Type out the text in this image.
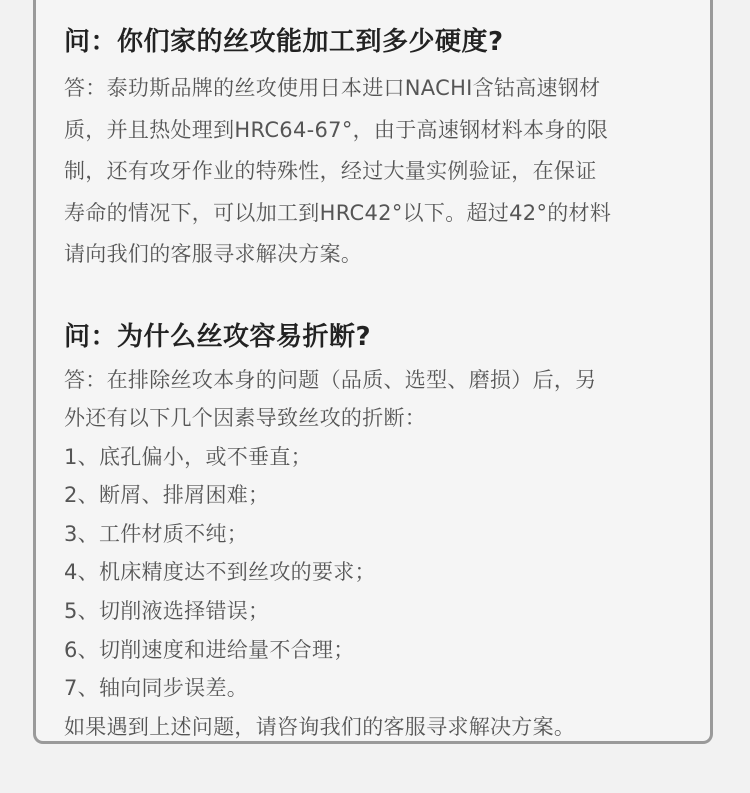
问：你们家的丝攻能加工到多少硬度?
答：泰玏斯品牌的丝攻使用日本进口NACHI含钴高速钢材
质，并且热处理到HRC64-67°，由于高速钢材料本身的限
制，还有攻牙作业的特殊性，经过大量实例验证，在保证
寿命的情况下，可以加工到HRC42°以下。超过42°的材料
请向我们的客服寻求解决方案。
问：为什么丝攻容易折断?
答：在排除丝攻本身的问题（品质、选型、磨损）后，另
外还有以下几个因素导致丝攻的折断：
1、底孔偏小，或不垂直；
2、断屑、排屑困难；
3、工件材质不纯；
4、机床精度达不到丝攻的要求；
5、切削液选择错误；
6、切削速度和进给量不合理；
7、轴向同步误差。
如果遇到上述问题，请咨询我们的客服寻求解决方案。
